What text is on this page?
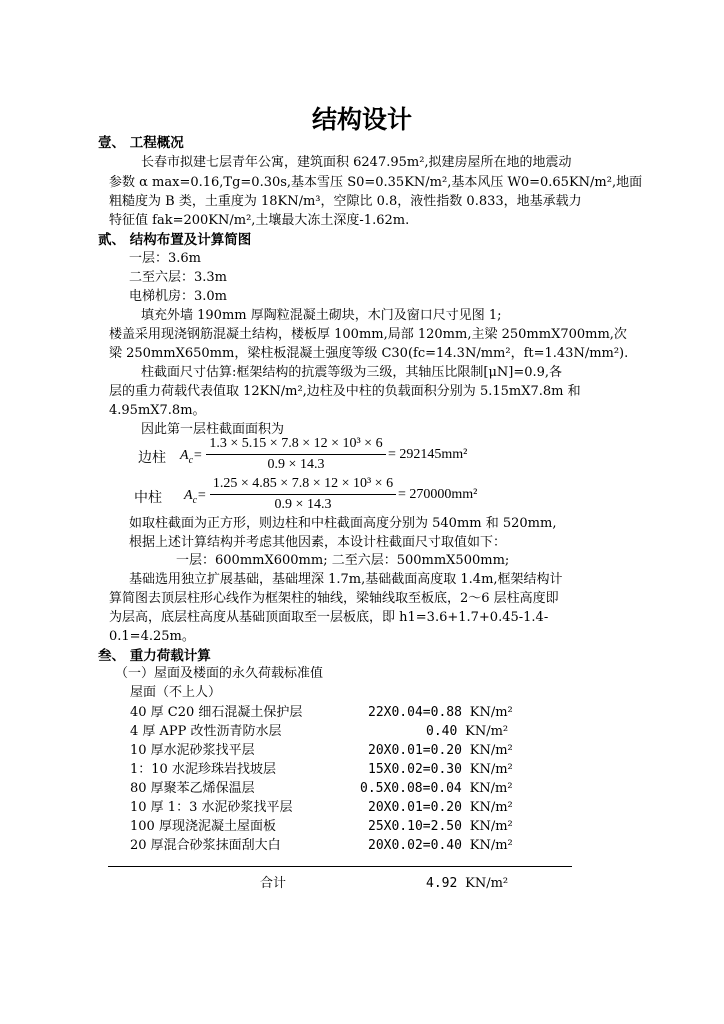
结构设计
壹、 工程概况
长春市拟建七层青年公寓，建筑面积 6247.95m²,拟建房屋所在地的地震动
参数 α max=0.16,Tg=0.30s,基本雪压 S0=0.35KN/m²,基本风压 W0=0.65KN/m²,地面
粗糙度为 B 类，土重度为 18KN/m³，空隙比 0.8，液性指数 0.833，地基承载力
特征值 fak=200KN/m²,土壤最大冻土深度-1.62m.
贰、 结构布置及计算简图
一层：3.6m
二至六层：3.3m
电梯机房：3.0m
填充外墙 190mm 厚陶粒混凝土砌块，木门及窗口尺寸见图 1;
楼盖采用现浇钢筋混凝土结构，楼板厚 100mm,局部 120mm,主梁 250mmX700mm,次
梁 250mmX650mm，梁柱板混凝土强度等级 C30(fc=14.3N/mm²，ft=1.43N/mm²).
柱截面尺寸估算:框架结构的抗震等级为三级，其轴压比限制[μN]=0.9,各
层的重力荷载代表值取 12KN/m²,边柱及中柱的负载面积分别为 5.15mX7.8m 和
4.95mX7.8m。
因此第一层柱截面面积为
边柱 $A_c=$
1.3 × 5.15 × 7.8 × 12 × 10³ × 6
0.9 × 14.3
= 292145mm²
中柱 $A_c=$
1.25 × 4.85 × 7.8 × 12 × 10³ × 6
0.9 × 14.3
= 270000mm²
如取柱截面为正方形，则边柱和中柱截面高度分别为 540mm 和 520mm,
根据上述计算结构并考虑其他因素，本设计柱截面尺寸取值如下：
一层：600mmX600mm; 二至六层：500mmX500mm;
基础选用独立扩展基础，基础埋深 1.7m,基础截面高度取 1.4m,框架结构计
算简图去顶层柱形心线作为框架柱的轴线，梁轴线取至板底，2～6 层柱高度即
为层高，底层柱高度从基础顶面取至一层板底，即 h1=3.6+1.7+0.45-1.4-
0.1=4.25m。
叁、 重力荷载计算
（一）屋面及楼面的永久荷载标准值
屋面（不上人）
40 厚 C20 细石混凝土保护层	22X0.04=0.88 KN/m²
4 厚 APP 改性沥青防水层	0.40 KN/m²
10 厚水泥砂浆找平层	20X0.01=0.20 KN/m²
1：10 水泥珍珠岩找坡层	15X0.02=0.30 KN/m²
80 厚聚苯乙烯保温层	0.5X0.08=0.04 KN/m²
10 厚 1：3 水泥砂浆找平层	20X0.01=0.20 KN/m²
100 厚现浇泥凝土屋面板	25X0.10=2.50 KN/m²
20 厚混合砂浆抹面刮大白	20X0.02=0.40 KN/m²
合计	4.92 KN/m²
